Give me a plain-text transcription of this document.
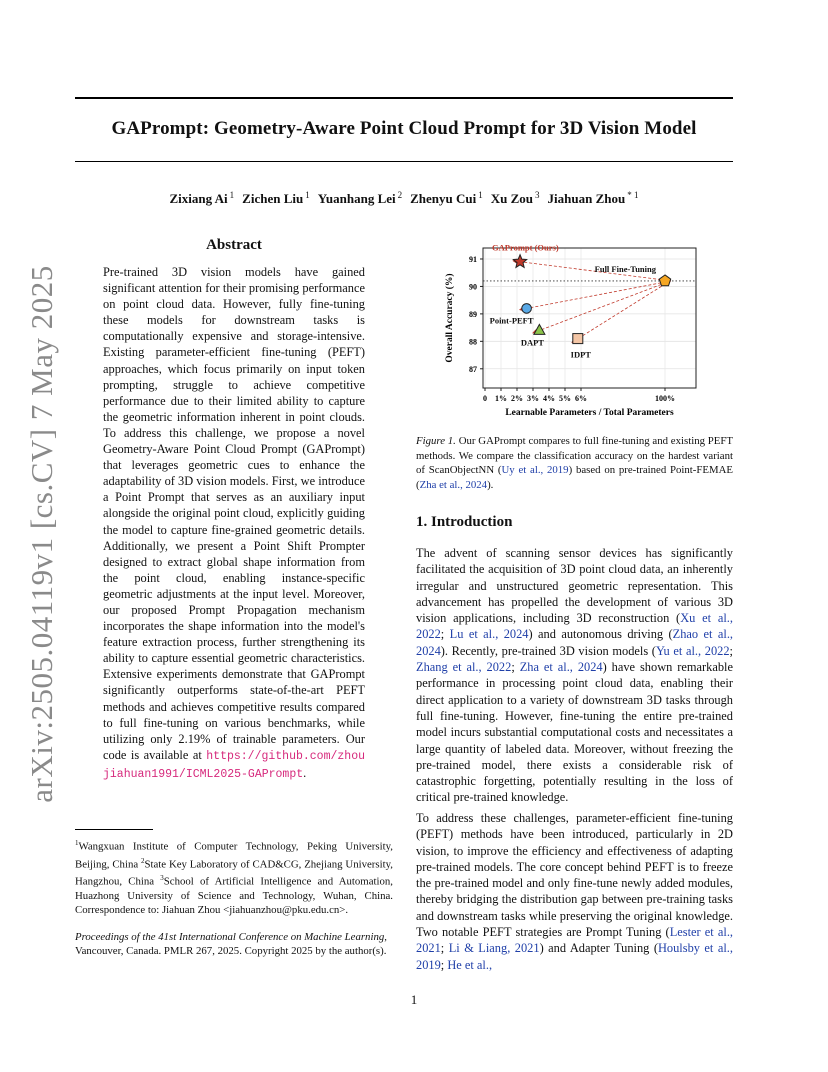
GAPrompt: Geometry-Aware Point Cloud Prompt for 3D Vision Model
Zixiang Ai $^1$ Zichen Liu $^1$ Yuanhang Lei $^2$ Zhenyu Cui $^1$ Xu Zou $^3$ Jiahuan Zhou $^{* 1}$
arXiv:2505.04119v1 [cs.CV] 7 May 2025
Abstract
Pre-trained 3D vision models have gained significant attention for their promising performance on point cloud data. However, fully fine-tuning these models for downstream tasks is computationally expensive and storage-intensive. Existing parameter-efficient fine-tuning (PEFT) approaches, which focus primarily on input token prompting, struggle to achieve competitive performance due to their limited ability to capture the geometric information inherent in point clouds. To address this challenge, we propose a novel Geometry-Aware Point Cloud Prompt (GAPrompt) that leverages geometric cues to enhance the adaptability of 3D vision models. First, we introduce a Point Prompt that serves as an auxiliary input alongside the original point cloud, explicitly guiding the model to capture fine-grained geometric details. Additionally, we present a Point Shift Prompter designed to extract global shape information from the point cloud, enabling instance-specific geometric adjustments at the input level. Moreover, our proposed Prompt Propagation mechanism incorporates the shape information into the model's feature extraction process, further strengthening its ability to capture essential geometric characteristics. Extensive experiments demonstrate that GAPrompt significantly outperforms state-of-the-art PEFT methods and achieves competitive results compared to full fine-tuning on various benchmarks, while utilizing only 2.19% of trainable parameters. Our code is available at https://github.com/zhoujiahuan1991/ICML2025-GAPrompt.
$^1$Wangxuan Institute of Computer Technology, Peking University, Beijing, China $^2$State Key Laboratory of CAD&CG, Zhejiang University, Hangzhou, China $^3$School of Artificial Intelligence and Automation, Huazhong University of Science and Technology, Wuhan, China. Correspondence to: Jiahuan Zhou <jiahuanzhou@pku.edu.cn>.
Proceedings of the 41st International Conference on Machine Learning, Vancouver, Canada. PMLR 267, 2025. Copyright 2025 by the author(s).
87
88
89
90
91
0 1% 2% 3% 4% 5% 6%	100%
Learnable Parameters / Total Parameters
Overall Accuracy (%)
GAPrompt (Ours)
Full Fine-Tuning
Point-PEFT
DAPT
IDPT
Figure 1. Our GAPrompt compares to full fine-tuning and existing PEFT methods. We compare the classification accuracy on the hardest variant of ScanObjectNN (Uy et al., 2019) based on pre-trained Point-FEMAE (Zha et al., 2024).
1. Introduction
The advent of scanning sensor devices has significantly facilitated the acquisition of 3D point cloud data, an inherently irregular and unstructured geometric representation. This advancement has propelled the development of various 3D vision applications, including 3D reconstruction (Xu et al., 2022; Lu et al., 2024) and autonomous driving (Zhao et al., 2024). Recently, pre-trained 3D vision models (Yu et al., 2022; Zhang et al., 2022; Zha et al., 2024) have shown remarkable performance in processing point cloud data, enabling their direct application to a variety of downstream 3D tasks through full fine-tuning. However, fine-tuning the entire pre-trained model incurs substantial computational costs and necessitates a large quantity of labeled data. Moreover, without freezing the pre-trained model, there exists a considerable risk of catastrophic forgetting, potentially resulting in the loss of critical pre-trained knowledge.
To address these challenges, parameter-efficient fine-tuning (PEFT) methods have been introduced, particularly in 2D vision, to improve the efficiency and effectiveness of adapting pre-trained models. The core concept behind PEFT is to freeze the pre-trained model and only fine-tune newly added modules, thereby bridging the distribution gap between pre-training tasks and downstream tasks while preserving the original knowledge. Two notable PEFT strategies are Prompt Tuning (Lester et al., 2021; Li & Liang, 2021) and Adapter Tuning (Houlsby et al., 2019; He et al.,
1
